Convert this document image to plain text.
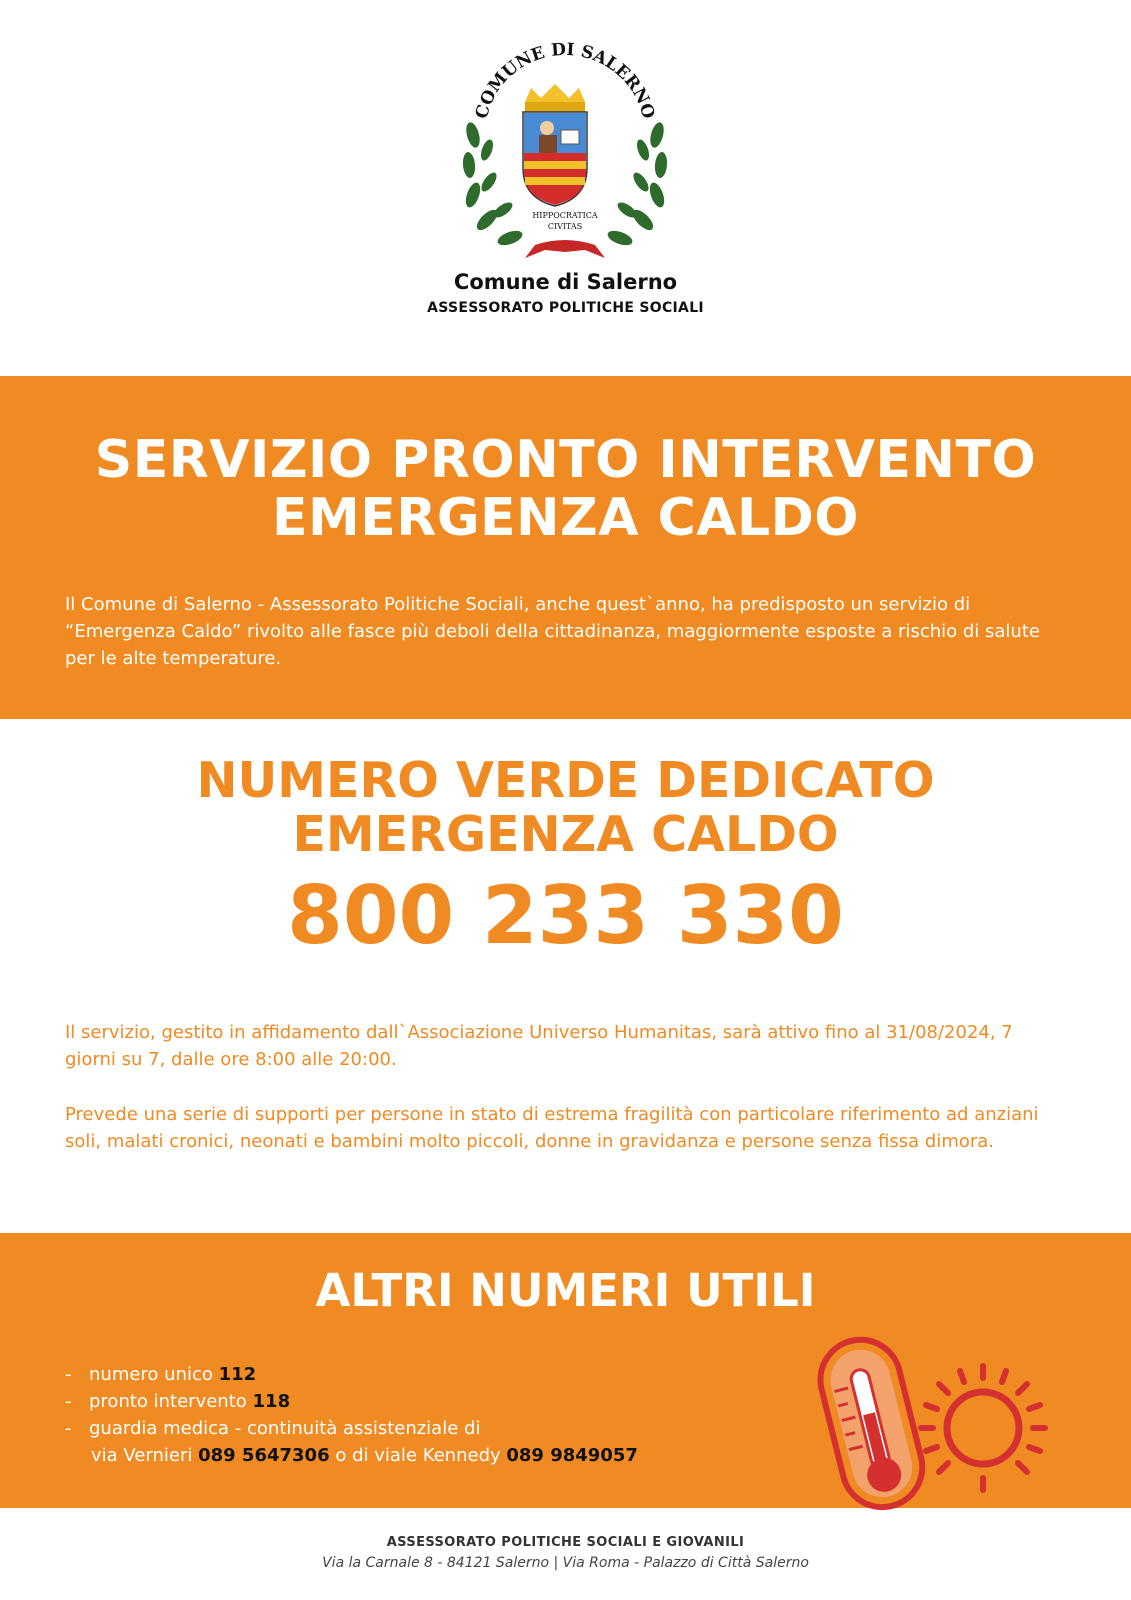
COMUNE DI SALERNO
HIPPOCRATICA
CIVITAS
Comune di Salerno
ASSESSORATO POLITICHE SOCIALI
SERVIZIO PRONTO INTERVENTO
EMERGENZA CALDO

Il Comune di Salerno - Assessorato Politiche Sociali, anche quest`anno, ha predisposto un servizio di “Emergenza Caldo” rivolto alle fasce più deboli della cittadinanza, maggiormente esposte a rischio di salute per le alte temperature.

NUMERO VERDE DEDICATO
EMERGENZA CALDO
800 233 330

Il servizio, gestito in affidamento dall`Associazione Universo Humanitas, sarà attivo fino al 31/08/2024, 7 giorni su 7, dalle ore 8:00 alle 20:00.

Prevede una serie di supporti per persone in stato di estrema fragilità con particolare riferimento ad anziani soli, malati cronici, neonati e bambini molto piccoli, donne in gravidanza e persone senza fissa dimora.

ALTRI NUMERI UTILI
- numero unico 112
- pronto intervento 118
- guardia medica - continuità assistenziale di
via Vernieri 089 5647306 o di viale Kennedy 089 9849057
ASSESSORATO POLITICHE SOCIALI E GIOVANILI
Via la Carnale 8 - 84121 Salerno | Via Roma - Palazzo di Città Salerno
